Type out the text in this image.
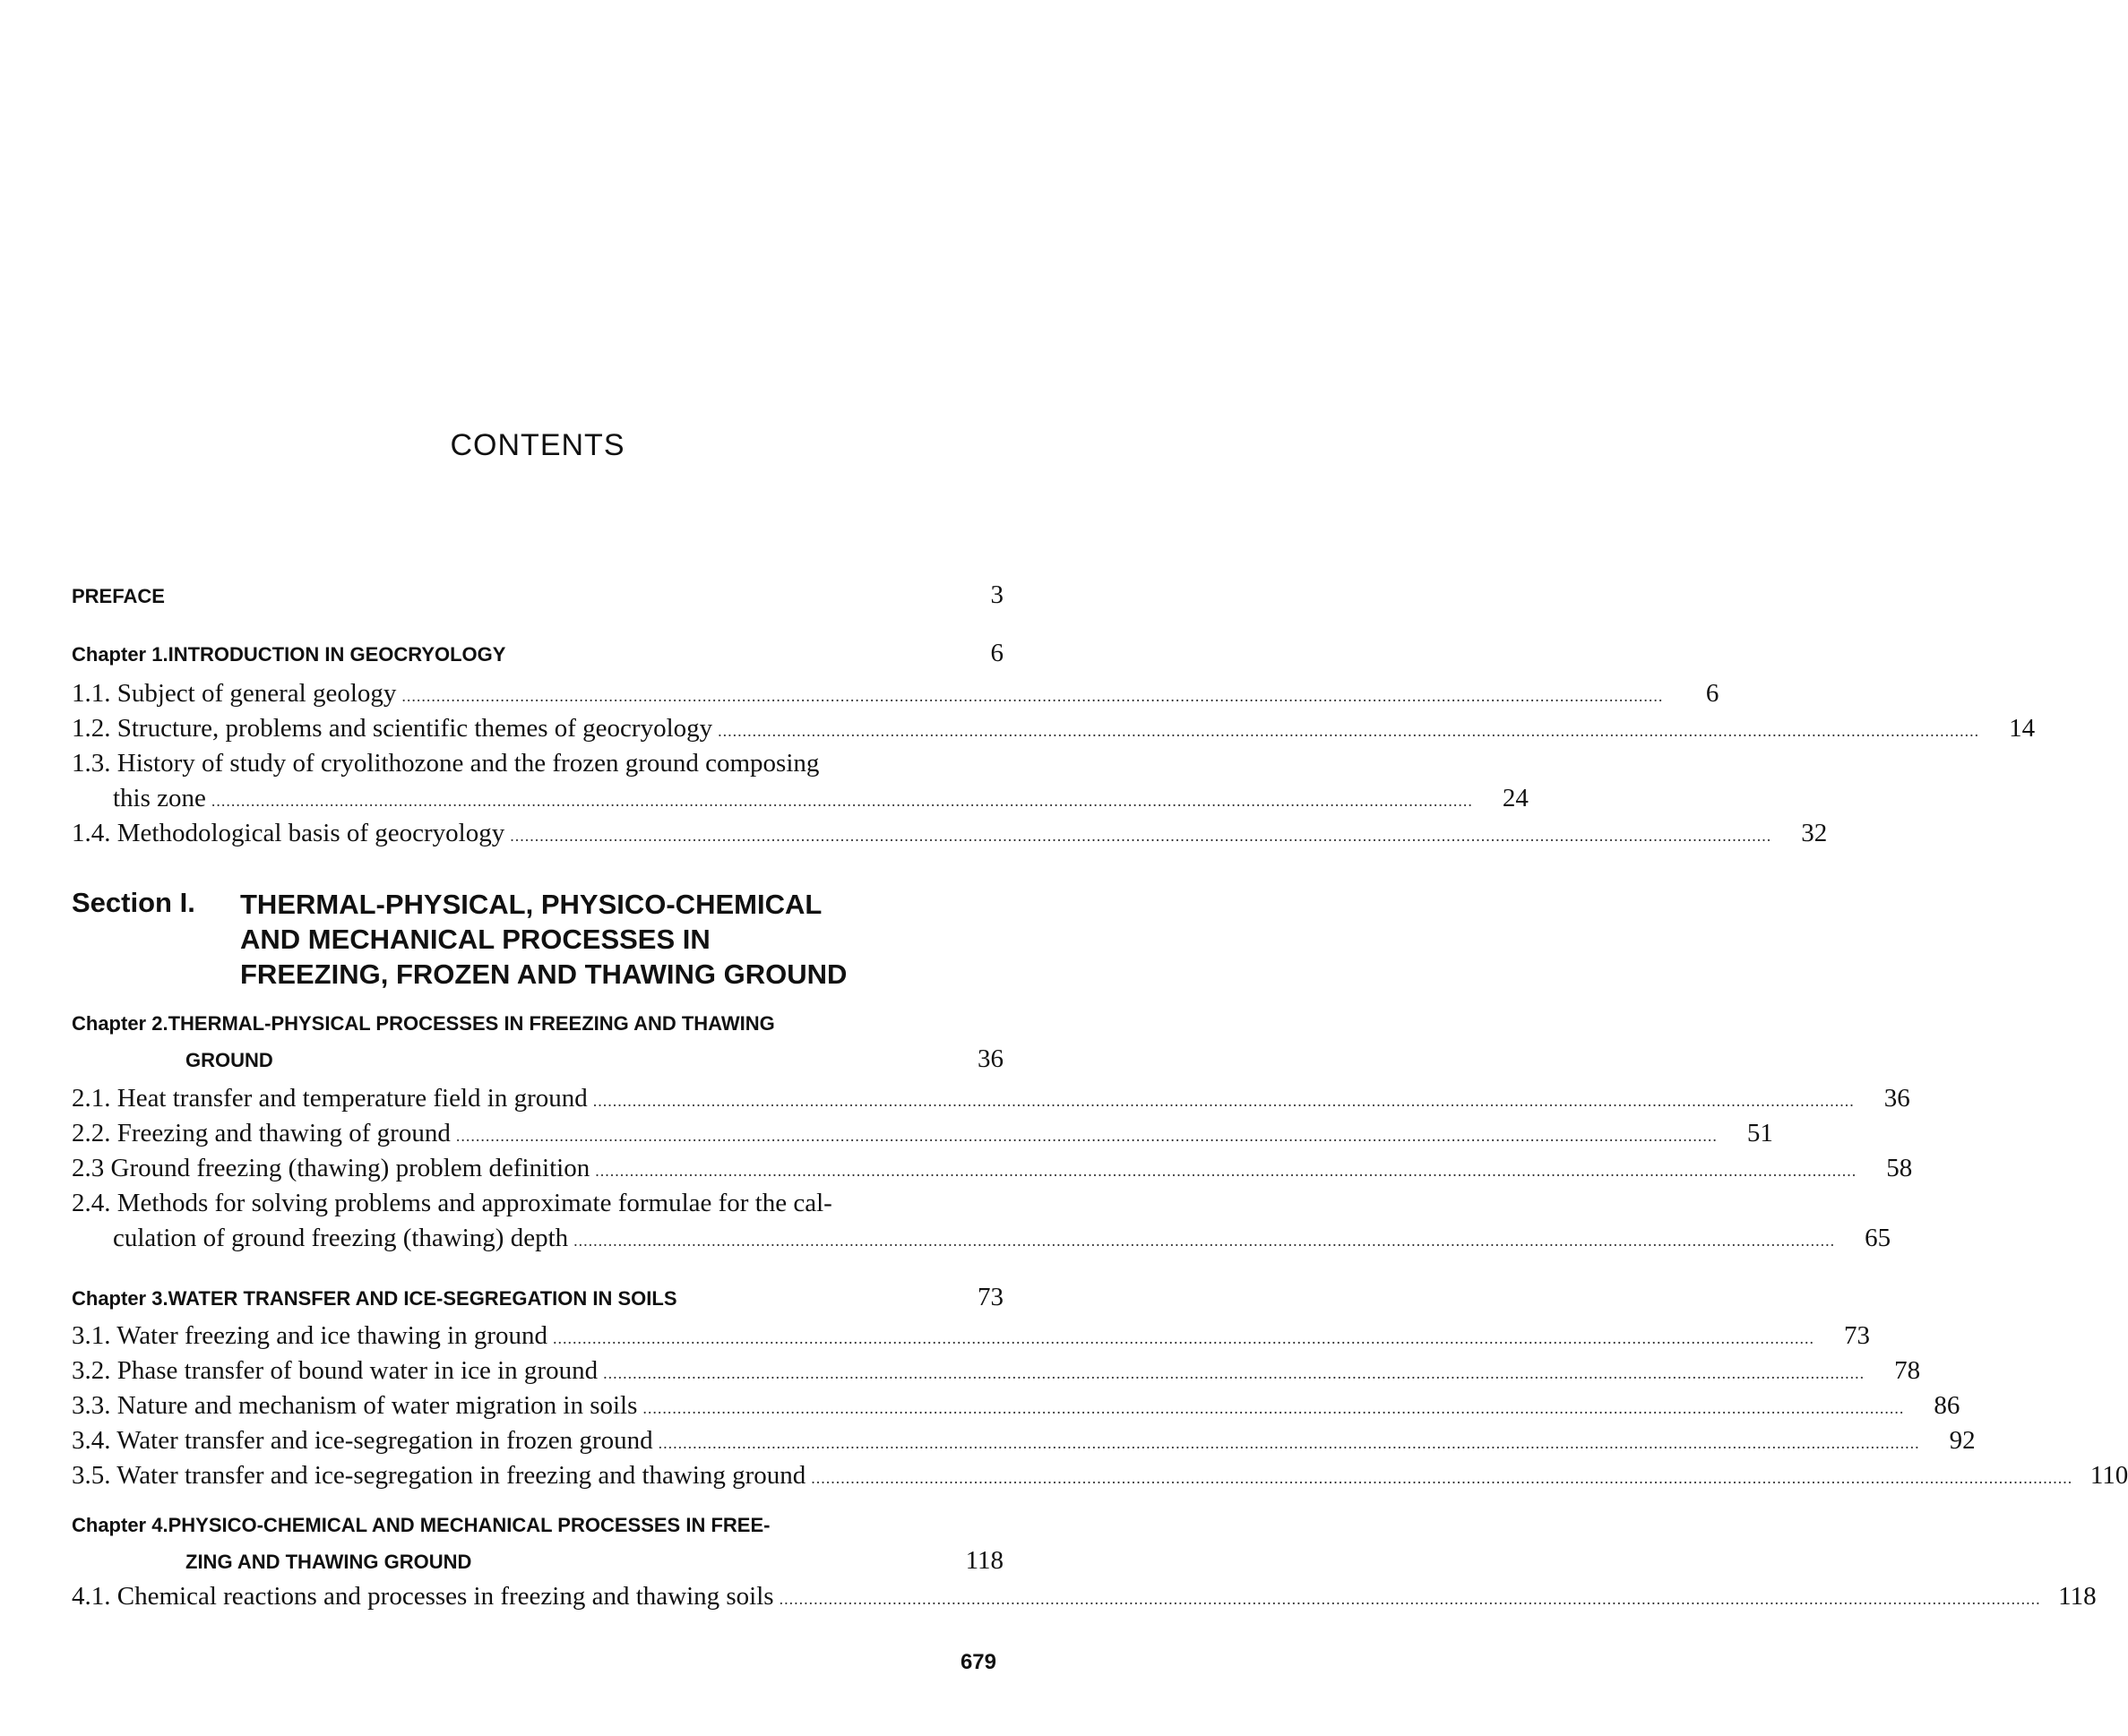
CONTENTS
PREFACE	3
Chapter 1.INTRODUCTION IN GEOCRYOLOGY	6
1.1. Subject of general geology ................................................................................................................................................................................................................................................................	6
1.2. Structure, problems and scientific themes of geocryology ................................................................................................................................................................................................................................................................	14
1.3. History of study of cryolithozone and the frozen ground composing
this zone ................................................................................................................................................................................................................................................................	24
1.4. Methodological basis of geocryology ................................................................................................................................................................................................................................................................	32
Section I. THERMAL-PHYSICAL, PHYSICO-CHEMICAL
AND MECHANICAL PROCESSES IN
FREEZING, FROZEN AND THAWING GROUND
Chapter 2.THERMAL-PHYSICAL PROCESSES IN FREEZING AND THAWING
GROUND	36
2.1. Heat transfer and temperature field in ground ................................................................................................................................................................................................................................................................	36
2.2. Freezing and thawing of ground ................................................................................................................................................................................................................................................................	51
2.3 Ground freezing (thawing) problem definition ................................................................................................................................................................................................................................................................	58
2.4. Methods for solving problems and approximate formulae for the cal-
culation of ground freezing (thawing) depth ................................................................................................................................................................................................................................................................	65
Chapter 3.WATER TRANSFER AND ICE-SEGREGATION IN SOILS	73
3.1. Water freezing and ice thawing in ground ................................................................................................................................................................................................................................................................	73
3.2. Phase transfer of bound water in ice in ground ................................................................................................................................................................................................................................................................	78
3.3. Nature and mechanism of water migration in soils ................................................................................................................................................................................................................................................................	86
3.4. Water transfer and ice-segregation in frozen ground ................................................................................................................................................................................................................................................................	92
3.5. Water transfer and ice-segregation in freezing and thawing ground ................................................................................................................................................................................................................................................................ 110
Chapter 4.PHYSICO-CHEMICAL AND MECHANICAL PROCESSES IN FREE-
ZING AND THAWING GROUND	118
4.1. Chemical reactions and processes in freezing and thawing soils ................................................................................................................................................................................................................................................................ 118
679
